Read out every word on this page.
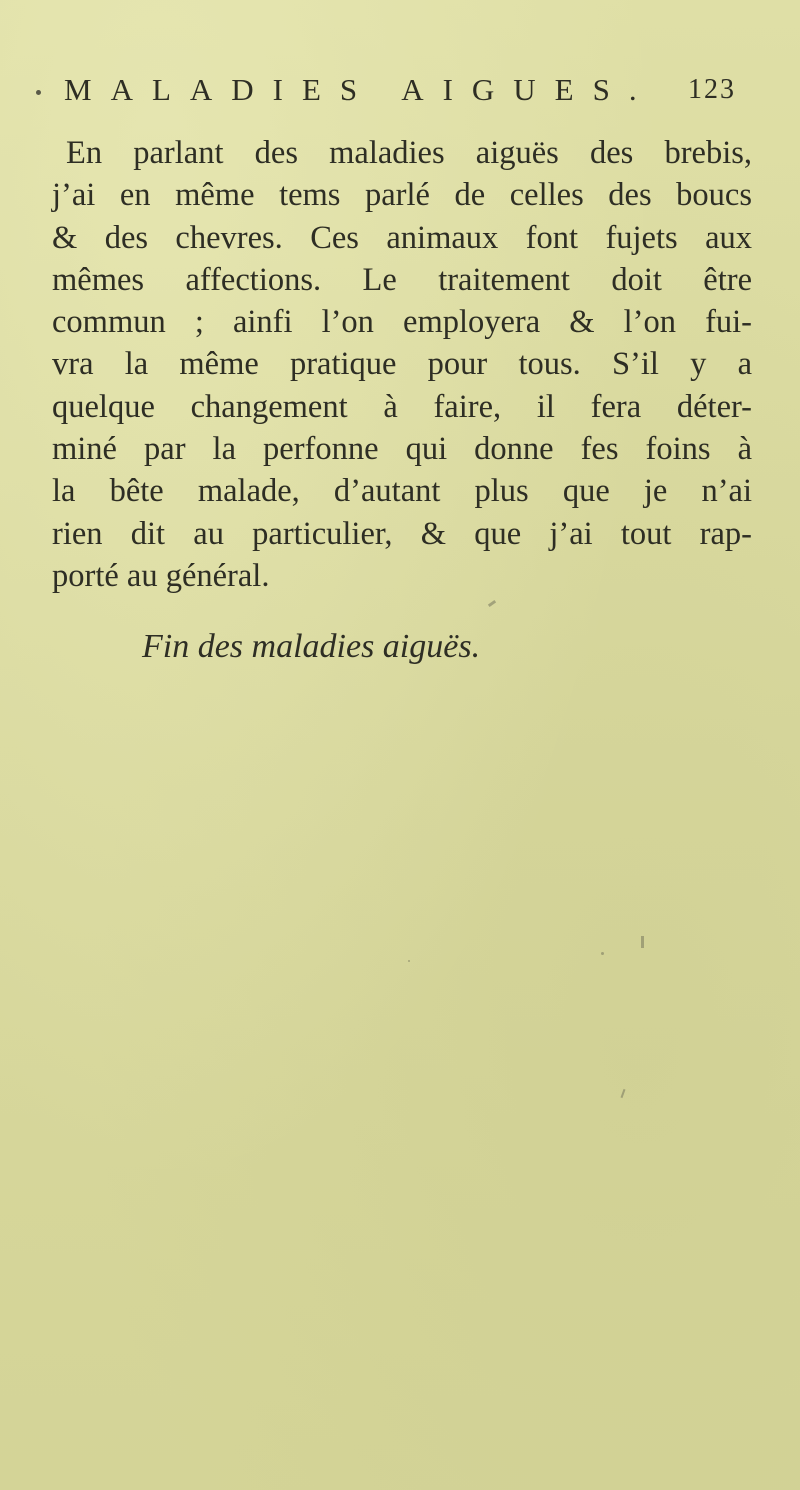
MALADIES AIGUES. 123
En parlant des maladies aiguës des brebis,
j’ai en même tems parlé de celles des boucs
& des chevres. Ces animaux font fujets aux
mêmes affections. Le traitement doit être
commun ; ainfi l’on employera & l’on fui-
vra la même pratique pour tous. S’il y a
quelque changement à faire, il fera déter-
miné par la perfonne qui donne fes foins à
la bête malade, d’autant plus que je n’ai
rien dit au particulier, & que j’ai tout rap-
porté au général.
Fin des maladies aiguës.
